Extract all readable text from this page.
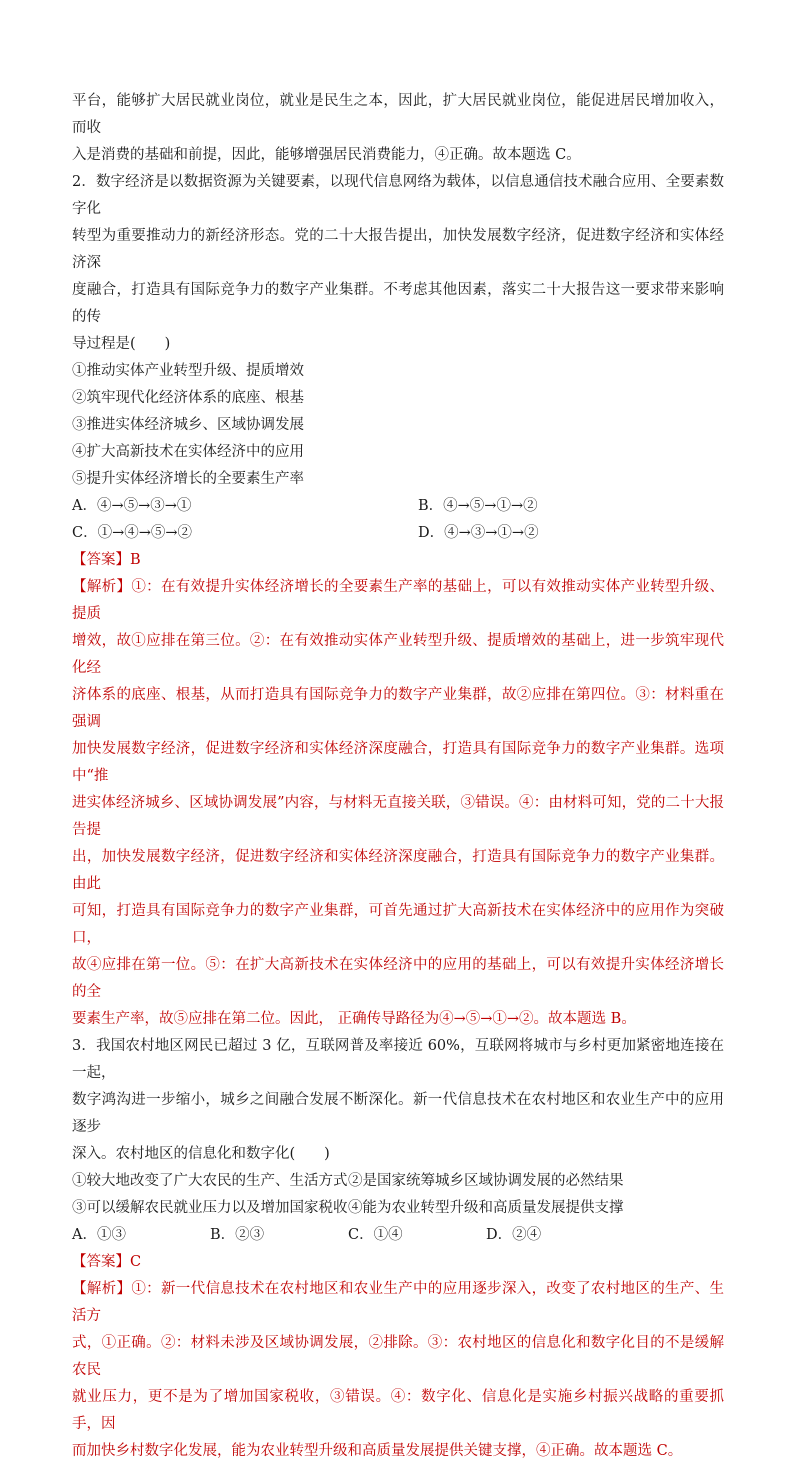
平台，能够扩大居民就业岗位，就业是民生之本，因此，扩大居民就业岗位，能促进居民增加收入，而收
入是消费的基础和前提，因此，能够增强居民消费能力，④正确。故本题选 C。

2．数字经济是以数据资源为关键要素，以现代信息网络为载体，以信息通信技术融合应用、全要素数字化
转型为重要推动力的新经济形态。党的二十大报告提出，加快发展数字经济，促进数字经济和实体经济深
度融合，打造具有国际竞争力的数字产业集群。不考虑其他因素，落实二十大报告这一要求带来影响的传
导过程是(　　)

①推动实体产业转型升级、提质增效
②筑牢现代化经济体系的底座、根基
③推进实体经济城乡、区域协调发展
④扩大高新技术在实体经济中的应用
⑤提升实体经济增长的全要素生产率

A．④→⑤→③→①	B．④→⑤→①→②
C．①→④→⑤→②	D．④→③→①→②
【答案】B

【解析】①：在有效提升实体经济增长的全要素生产率的基础上，可以有效推动实体产业转型升级、提质
增效，故①应排在第三位。②：在有效推动实体产业转型升级、提质增效的基础上，进一步筑牢现代化经
济体系的底座、根基，从而打造具有国际竞争力的数字产业集群，故②应排在第四位。③：材料重在强调
加快发展数字经济，促进数字经济和实体经济深度融合，打造具有国际竞争力的数字产业集群。选项中“推
进实体经济城乡、区域协调发展”内容，与材料无直接关联，③错误。④：由材料可知，党的二十大报告提
出，加快发展数字经济，促进数字经济和实体经济深度融合，打造具有国际竞争力的数字产业集群。由此
可知，打造具有国际竞争力的数字产业集群，可首先通过扩大高新技术在实体经济中的应用作为突破口，
故④应排在第一位。⑤：在扩大高新技术在实体经济中的应用的基础上，可以有效提升实体经济增长的全
要素生产率，故⑤应排在第二位。因此， 正确传导路径为④→⑤→①→②。故本题选 B。

3．我国农村地区网民已超过 3 亿，互联网普及率接近 60%，互联网将城市与乡村更加紧密地连接在一起，
数字鸿沟进一步缩小，城乡之间融合发展不断深化。新一代信息技术在农村地区和农业生产中的应用逐步
深入。农村地区的信息化和数字化(　　)

①较大地改变了广大农民的生产、生活方式 ②是国家统筹城乡区域协调发展的必然结果
③可以缓解农民就业压力以及增加国家税收 ④能为农业转型升级和高质量发展提供支撑
A．①③	B．②③	C．①④	D．②④
【答案】C

【解析】①：新一代信息技术在农村地区和农业生产中的应用逐步深入，改变了农村地区的生产、生活方
式，①正确。②：材料未涉及区域协调发展，②排除。③：农村地区的信息化和数字化目的不是缓解农民
就业压力，更不是为了增加国家税收，③错误。④：数字化、信息化是实施乡村振兴战略的重要抓手，因
而加快乡村数字化发展，能为农业转型升级和高质量发展提供关键支撑，④正确。故本题选 C。
